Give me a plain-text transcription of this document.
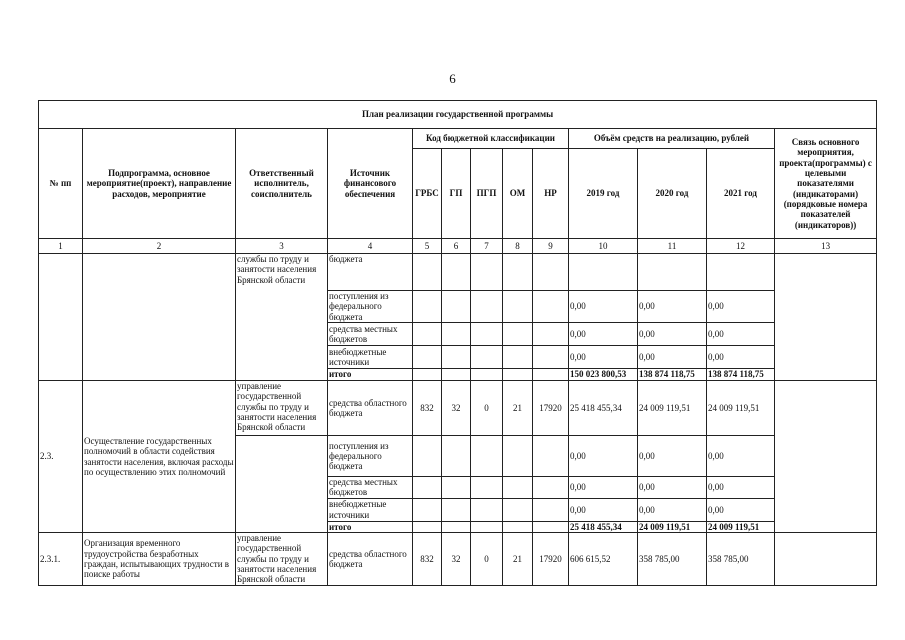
6
План реализации государственной программы												
№ пп	Подпрограмма, основное мероприятие(проект), направление расходов, мероприятие	Ответственный исполнитель, соисполнитель	Источник финансового обеспечения	Код бюджетной классификации					Объём средств на реализацию, рублей			Связь основного мероприятия, проекта(программы) с целевыми показателями (индикаторами) (порядковые номера показателей (индикаторов))
				ГРБС	ГП	ПГП	ОМ	НР	2019 год	2020 год	2021 год	
1	2	3	4	5	6	7	8	9	10	11	12	13
		службы по труду и занятости населения Брянской области	бюджета									
			поступления из федерального бюджета						0,00	0,00	0,00	
			средства местных бюджетов						0,00	0,00	0,00	
			внебюджетные источники						0,00	0,00	0,00	
			итого						150 023 800,53	138 874 118,75	138 874 118,75	
2.3.	Осуществление государственных полномочий в области содействия занятости населения, включая расходы по осуществлению этих полномочий	управление государственной службы по труду и занятости населения Брянской области	средства областного бюджета	832	32	0	21	17920	25 418 455,34	24 009 119,51	24 009 119,51	
			поступления из федерального бюджета						0,00	0,00	0,00	
			средства местных бюджетов						0,00	0,00	0,00	
			внебюджетные источники						0,00	0,00	0,00	
			итого						25 418 455,34	24 009 119,51	24 009 119,51	
2.3.1.	Организация временного трудоустройства безработных граждан, испытывающих трудности в поиске работы	управление государственной службы по труду и занятости населения Брянской области	средства областного бюджета	832	32	0	21	17920	606 615,52	358 785,00	358 785,00	
